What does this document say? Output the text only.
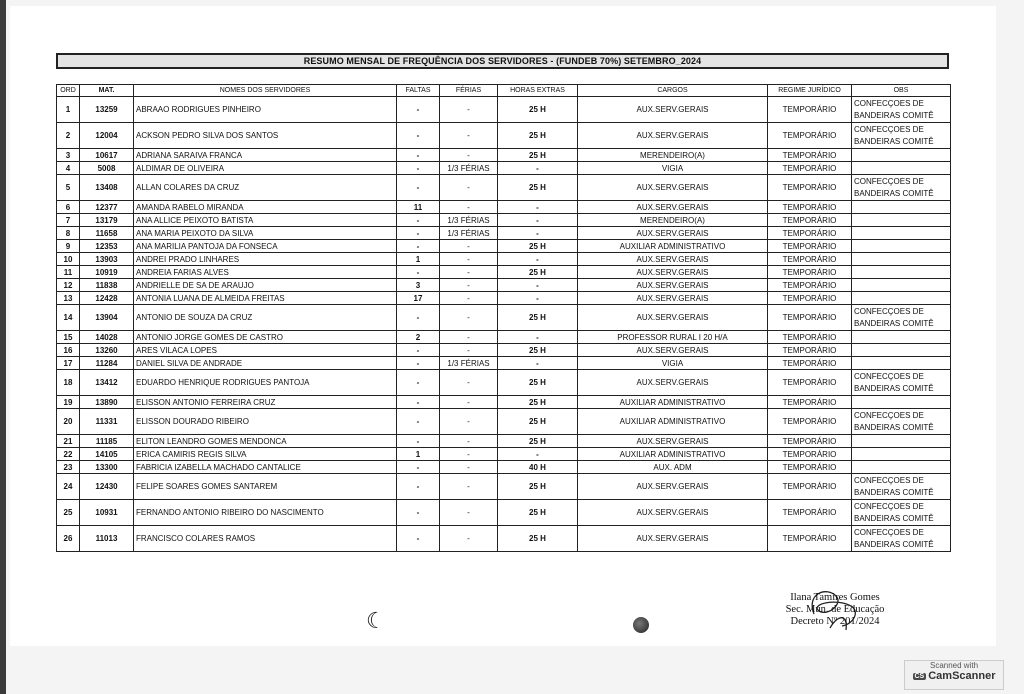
RESUMO MENSAL DE FREQUÊNCIA DOS SERVIDORES - (FUNDEB 70%) SETEMBRO_2024
ORD	MAT.	NOMES DOS SERVIDORES	FALTAS	FÉRIAS	HORAS EXTRAS	CARGOS	REGIME JURÍDICO	OBS
1	13259	ABRAAO RODRIGUES PINHEIRO	-	-	25 H	AUX.SERV.GERAIS	TEMPORÁRIO	CONFECÇOES DE BANDEIRAS COMITÊ
2	12004	ACKSON PEDRO SILVA DOS SANTOS	-	-	25 H	AUX.SERV.GERAIS	TEMPORÁRIO	CONFECÇOES DE BANDEIRAS COMITÊ
3	10617	ADRIANA SARAIVA FRANCA	-	-	25 H	MERENDEIRO(A)	TEMPORÁRIO	
4	5008	ALDIMAR DE OLIVEIRA	-	1/3 FÉRIAS	-	VIGIA	TEMPORÁRIO	
5	13408	ALLAN COLARES DA CRUZ	-	-	25 H	AUX.SERV.GERAIS	TEMPORÁRIO	CONFECÇOES DE BANDEIRAS COMITÊ
6	12377	AMANDA RABELO MIRANDA	11	-	-	AUX.SERV.GERAIS	TEMPORÁRIO	
7	13179	ANA ALLICE PEIXOTO BATISTA	-	1/3 FÉRIAS	-	MERENDEIRO(A)	TEMPORÁRIO	
8	11658	ANA MARIA PEIXOTO DA SILVA	-	1/3 FÉRIAS	-	AUX.SERV.GERAIS	TEMPORÁRIO	
9	12353	ANA MARILIA PANTOJA DA FONSECA	-	-	25 H	AUXILIAR ADMINISTRATIVO	TEMPORÁRIO	
10	13903	ANDREI PRADO LINHARES	1	-	-	AUX.SERV.GERAIS	TEMPORÁRIO	
11	10919	ANDREIA FARIAS ALVES	-	-	25 H	AUX.SERV.GERAIS	TEMPORÁRIO	
12	11838	ANDRIELLE DE SA DE ARAUJO	3	-	-	AUX.SERV.GERAIS	TEMPORÁRIO	
13	12428	ANTONIA LUANA DE ALMEIDA FREITAS	17	-	-	AUX.SERV.GERAIS	TEMPORÁRIO	
14	13904	ANTONIO DE SOUZA DA CRUZ	-	-	25 H	AUX.SERV.GERAIS	TEMPORÁRIO	CONFECÇOES DE BANDEIRAS COMITÊ
15	14028	ANTONIO JORGE GOMES DE CASTRO	2	-	-	PROFESSOR RURAL I 20 H/A	TEMPORÁRIO	
16	13260	ARES VILACA LOPES	-	-	25 H	AUX.SERV.GERAIS	TEMPORÁRIO	
17	11284	DANIEL SILVA DE ANDRADE	-	1/3 FÉRIAS	-	VIGIA	TEMPORÁRIO	
18	13412	EDUARDO HENRIQUE RODRIGUES PANTOJA	-	-	25 H	AUX.SERV.GERAIS	TEMPORÁRIO	CONFECÇOES DE BANDEIRAS COMITÊ
19	13890	ELISSON ANTONIO FERREIRA CRUZ	-	-	25 H	AUXILIAR ADMINISTRATIVO	TEMPORÁRIO	
20	11331	ELISSON DOURADO RIBEIRO	-	-	25 H	AUXILIAR ADMINISTRATIVO	TEMPORÁRIO	CONFECÇOES DE BANDEIRAS COMITÊ
21	11185	ELITON LEANDRO GOMES MENDONCA	-	-	25 H	AUX.SERV.GERAIS	TEMPORÁRIO	
22	14105	ERICA CAMIRIS REGIS SILVA	1	-	-	AUXILIAR ADMINISTRATIVO	TEMPORÁRIO	
23	13300	FABRICIA IZABELLA MACHADO CANTALICE	-	-	40 H	AUX. ADM	TEMPORÁRIO	
24	12430	FELIPE SOARES GOMES SANTAREM	-	-	25 H	AUX.SERV.GERAIS	TEMPORÁRIO	CONFECÇOES DE BANDEIRAS COMITÊ
25	10931	FERNANDO ANTONIO RIBEIRO DO NASCIMENTO	-	-	25 H	AUX.SERV.GERAIS	TEMPORÁRIO	CONFECÇOES DE BANDEIRAS COMITÊ
26	11013	FRANCISCO COLARES RAMOS	-	-	25 H	AUX.SERV.GERAIS	TEMPORÁRIO	CONFECÇOES DE BANDEIRAS COMITÊ
Ilana Tamires Gomes
Sec. Mun. de Educação
Decreto Nº 201/2024
☾
Scanned with
CS CamScanner
